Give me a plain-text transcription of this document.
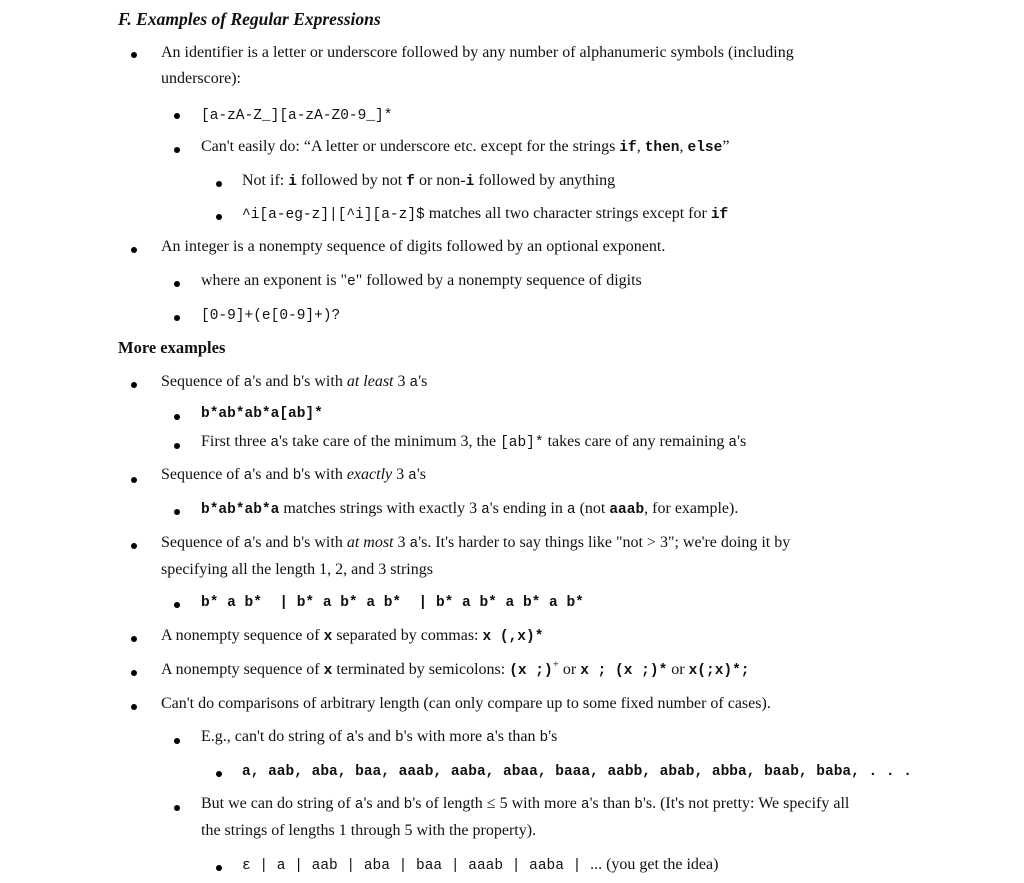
F. Examples of Regular Expressions
An identifier is a letter or underscore followed by any number of alphanumeric symbols (including
underscore):
[a-zA-Z_][a-zA-Z0-9_]*
Can't easily do: “A letter or underscore etc. except for the strings if, then, else”
Not if: i followed by not f or non-i followed by anything
^i[a-eg-z]|[^i][a-z]$ matches all two character strings except for if
An integer is a nonempty sequence of digits followed by an optional exponent.
where an exponent is "e" followed by a nonempty sequence of digits
[0-9]+(e[0-9]+)?
More examples
Sequence of a's and b's with at least 3 a's
b*ab*ab*a[ab]*
First three a's take care of the minimum 3, the [ab]* takes care of any remaining a's
Sequence of a's and b's with exactly 3 a's
b*ab*ab*a matches strings with exactly 3 a's ending in a (not aaab, for example).
Sequence of a's and b's with at most 3 a's. It's harder to say things like "not > 3"; we're doing it by
specifying all the length 1, 2, and 3 strings
b* a b*  | b* a b* a b*  | b* a b* a b* a b*
A nonempty sequence of x separated by commas: x (,x)*
A nonempty sequence of x terminated by semicolons: (x ;)+ or x ; (x ;)* or x(;x)*;
Can't do comparisons of arbitrary length (can only compare up to some fixed number of cases).
E.g., can't do string of a's and b's with more a's than b's
a, aab, aba, baa, aaab, aaba, abaa, baaa, aabb, abab, abba, baab, baba, . . .
But we can do string of a's and b's of length ≤ 5 with more a's than b's. (It's not pretty: We specify all
the strings of lengths 1 through 5 with the property).
ε | a | aab | aba | baa | aaab | aaba | ... (you get the idea)
